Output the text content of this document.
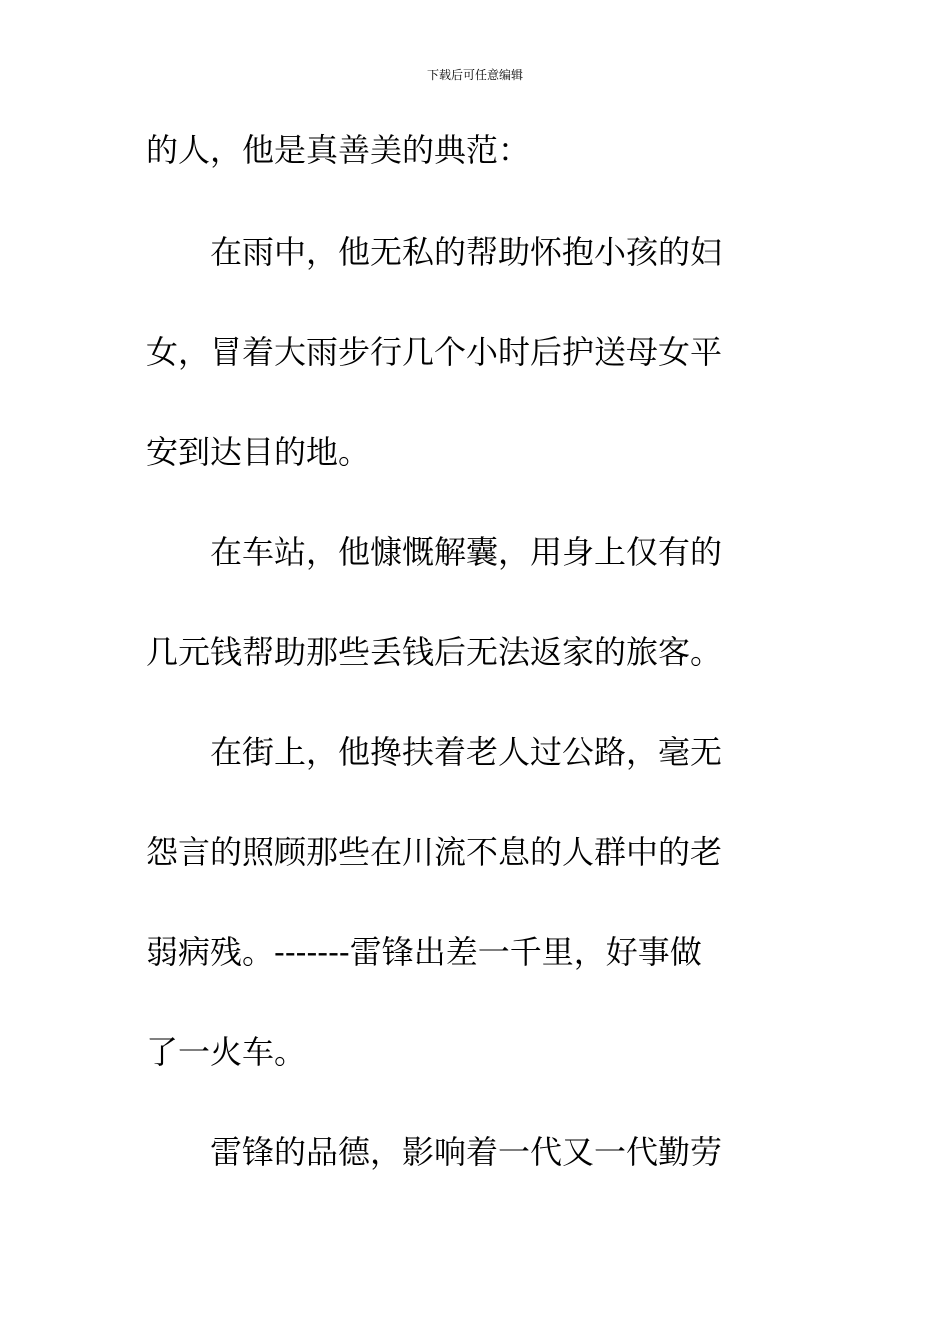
下载后可任意编辑
的人，他是真善美的典范：
　　在雨中，他无私的帮助怀抱小孩的妇
女，冒着大雨步行几个小时后护送母女平
安到达目的地。
　　在车站，他慷慨解囊，用身上仅有的
几元钱帮助那些丢钱后无法返家的旅客。
　　在街上，他搀扶着老人过公路，毫无
怨言的照顾那些在川流不息的人群中的老
弱病残。-------雷锋出差一千里，好事做
了一火车。
　　雷锋的品德，影响着一代又一代勤劳
